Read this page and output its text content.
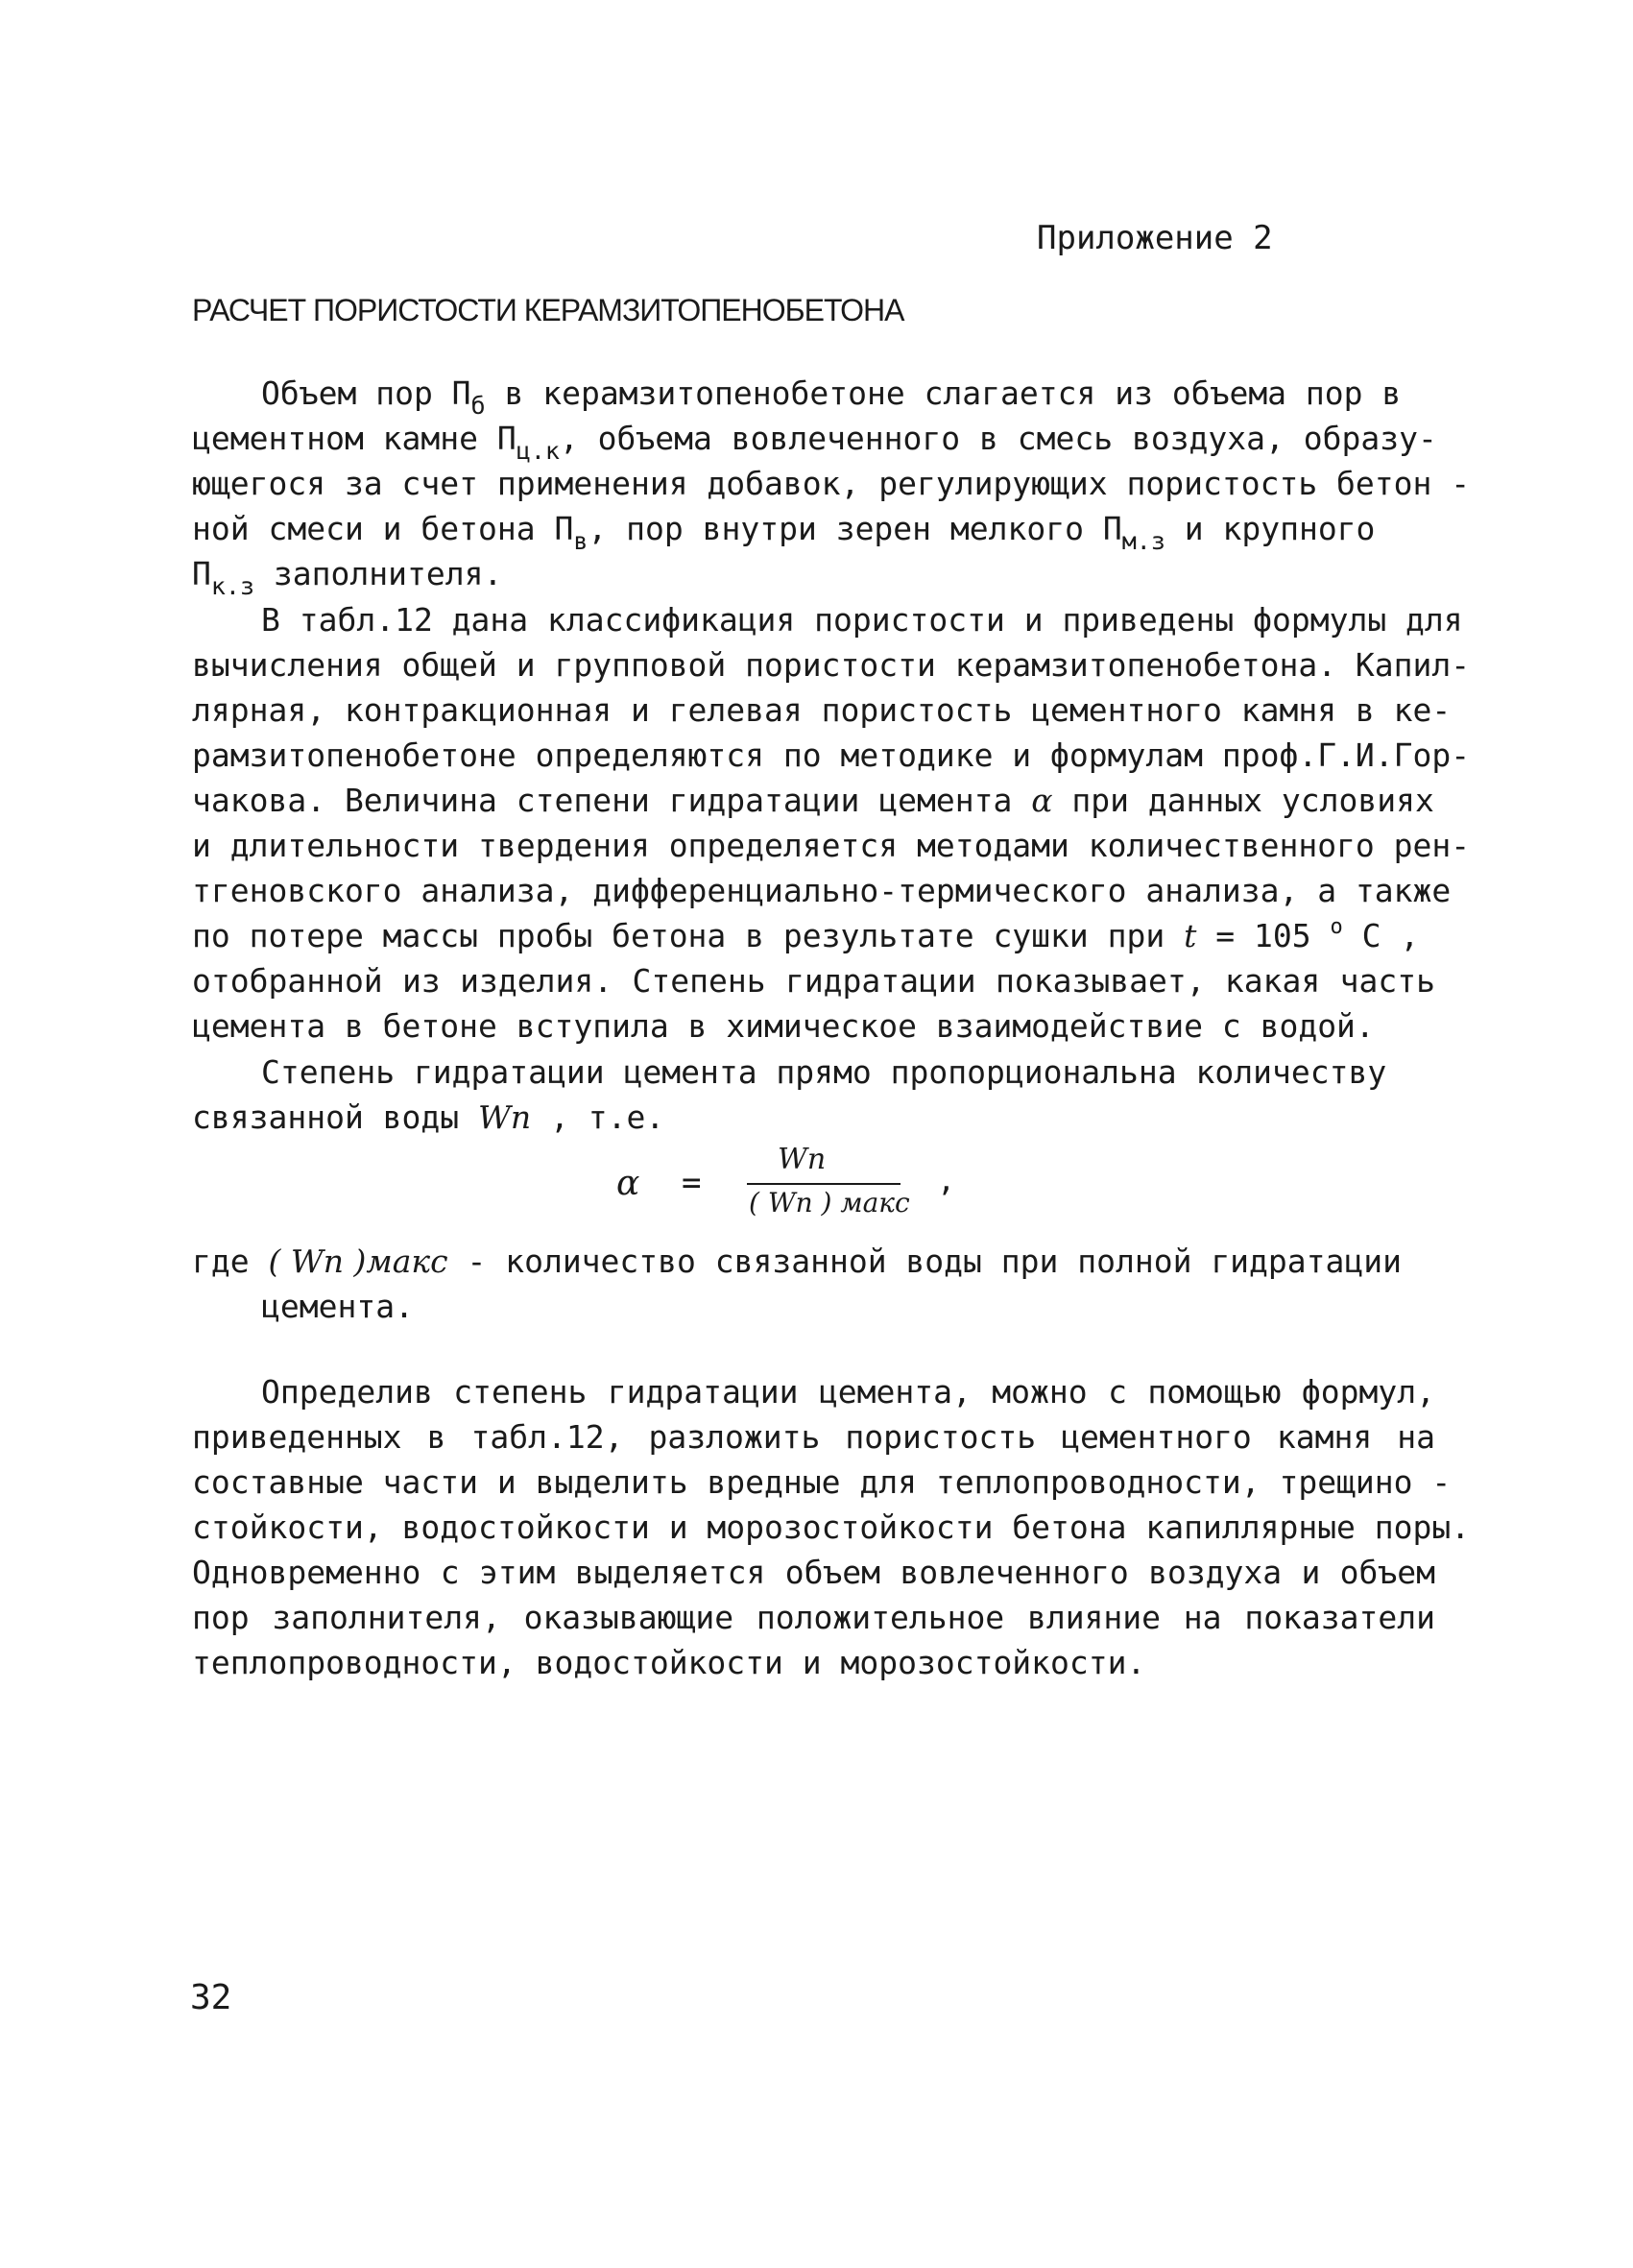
Приложение 2
РАСЧЕТ ПОРИСТОСТИ КЕРАМЗИТОПЕНОБЕТОНА
Объем пор $П_б$ в керамзитопенобетоне слагается из объема пор в
цементном камне $П_{ц.к}$, объема вовлеченного в смесь воздуха, образу-
ющегося за счет применения добавок, регулирующих пористость бетон -
ной смеси и бетона $П_в$, пор внутри зерен мелкого $П_{м.з}$ и крупного
$П_{к.з}$ заполнителя.
В табл.12 дана классификация пористости и приведены формулы для
вычисления общей и групповой пористости керамзитопенобетона. Капил-
лярная, контракционная и гелевая пористость цементного камня в ке-
рамзитопенобетоне определяются по методике и формулам проф.Г.И.Гор-
чакова. Величина степени гидратации цемента α при данных условиях
и длительности твердения определяется методами количественного рен-
тгеновского анализа, дифференциально-термического анализа, а также
по потере массы пробы бетона в результате сушки при t = 105 $^о$ С ,
отобранной из изделия. Степень гидратации показывает, какая часть
цемента в бетоне вступила в химическое взаимодействие с водой.
Степень гидратации цемента прямо пропорциональна количеству
связанной воды Wп , т.е.
α =
Wп
( Wп ) макс
,
где ( Wп )макс - количество связанной воды при полной гидратации
цемента.
Определив степень гидратации цемента, можно с помощью формул,
приведенных в табл.12, разложить пористость цементного камня на
составные части и выделить вредные для теплопроводности, трещино -
стойкости, водостойкости и морозостойкости бетона капиллярные поры.
Одновременно с этим выделяется объем вовлеченного воздуха и объем
пор заполнителя, оказывающие положительное влияние на показатели
теплопроводности, водостойкости и морозостойкости.
32
